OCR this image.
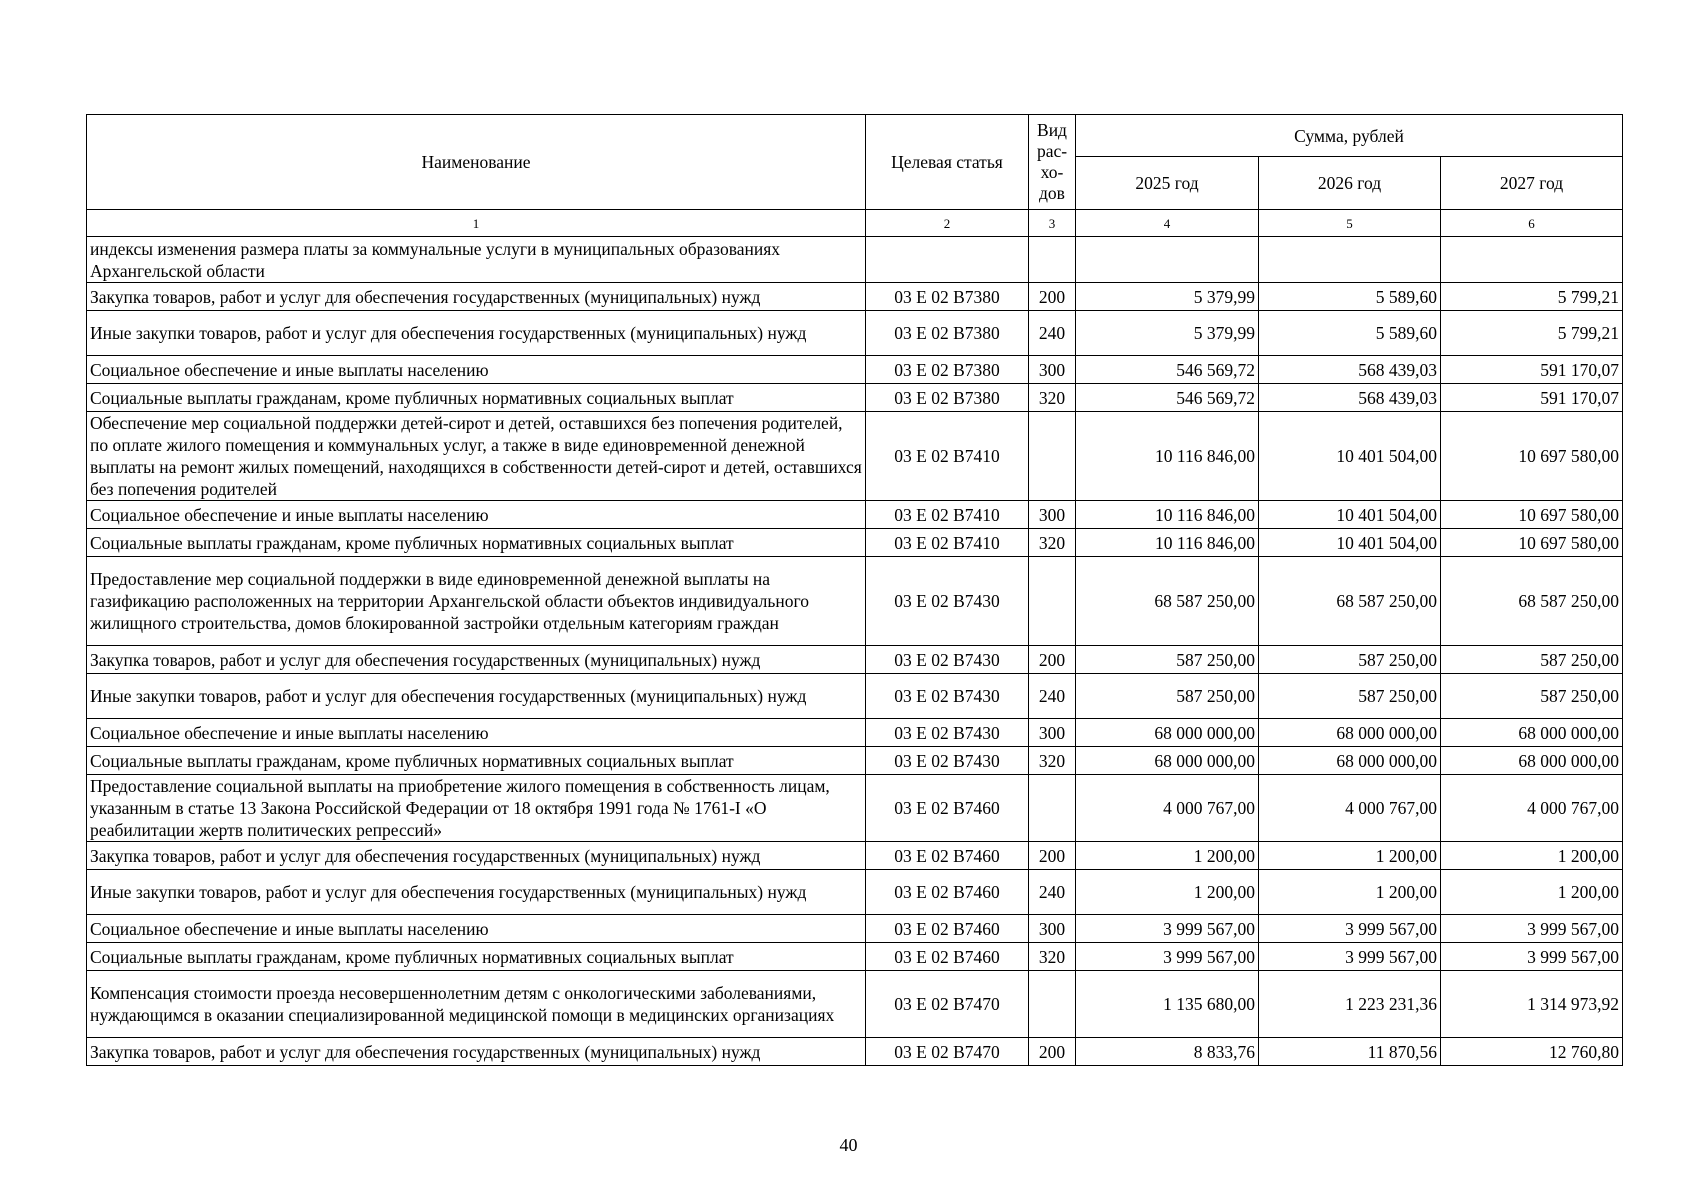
Наименование	Целевая статья	Вид
рас-
хо-
дов	Сумма, рублей		
			2025 год	2026 год	2027 год
1	2	3	4	5	6
индексы изменения размера платы за коммунальные услуги в муниципальных образованиях Архангельской области					
Закупка товаров, работ и услуг для обеспечения государственных (муниципальных) нужд	03 Е 02 В7380	200	5 379,99	5 589,60	5 799,21
Иные закупки товаров, работ и услуг для обеспечения государственных (муниципальных) нужд	03 Е 02 В7380	240	5 379,99	5 589,60	5 799,21
Социальное обеспечение и иные выплаты населению	03 Е 02 В7380	300	546 569,72	568 439,03	591 170,07
Социальные выплаты гражданам, кроме публичных нормативных социальных выплат	03 Е 02 В7380	320	546 569,72	568 439,03	591 170,07
Обеспечение мер социальной поддержки детей-сирот и детей, оставшихся без попечения родителей, по оплате жилого помещения и коммунальных услуг, а также в виде единовременной денежной выплаты на ремонт жилых помещений, находящихся в собственности детей-сирот и детей, оставшихся без попечения родителей	03 Е 02 В7410		10 116 846,00	10 401 504,00	10 697 580,00
Социальное обеспечение и иные выплаты населению	03 Е 02 В7410	300	10 116 846,00	10 401 504,00	10 697 580,00
Социальные выплаты гражданам, кроме публичных нормативных социальных выплат	03 Е 02 В7410	320	10 116 846,00	10 401 504,00	10 697 580,00
Предоставление мер социальной поддержки в виде единовременной денежной выплаты на газификацию расположенных на территории Архангельской области объектов индивидуального жилищного строительства, домов блокированной застройки отдельным категориям граждан	03 Е 02 В7430		68 587 250,00	68 587 250,00	68 587 250,00
Закупка товаров, работ и услуг для обеспечения государственных (муниципальных) нужд	03 Е 02 В7430	200	587 250,00	587 250,00	587 250,00
Иные закупки товаров, работ и услуг для обеспечения государственных (муниципальных) нужд	03 Е 02 В7430	240	587 250,00	587 250,00	587 250,00
Социальное обеспечение и иные выплаты населению	03 Е 02 В7430	300	68 000 000,00	68 000 000,00	68 000 000,00
Социальные выплаты гражданам, кроме публичных нормативных социальных выплат	03 Е 02 В7430	320	68 000 000,00	68 000 000,00	68 000 000,00
Предоставление социальной выплаты на приобретение жилого помещения в собственность лицам, указанным в статье 13 Закона Российской Федерации от 18 октября 1991 года № 1761-I «О реабилитации жертв политических репрессий»	03 Е 02 В7460		4 000 767,00	4 000 767,00	4 000 767,00
Закупка товаров, работ и услуг для обеспечения государственных (муниципальных) нужд	03 Е 02 В7460	200	1 200,00	1 200,00	1 200,00
Иные закупки товаров, работ и услуг для обеспечения государственных (муниципальных) нужд	03 Е 02 В7460	240	1 200,00	1 200,00	1 200,00
Социальное обеспечение и иные выплаты населению	03 Е 02 В7460	300	3 999 567,00	3 999 567,00	3 999 567,00
Социальные выплаты гражданам, кроме публичных нормативных социальных выплат	03 Е 02 В7460	320	3 999 567,00	3 999 567,00	3 999 567,00
Компенсация стоимости проезда несовершеннолетним детям с онкологическими заболеваниями, нуждающимся в оказании специализированной медицинской помощи в медицинских организациях	03 Е 02 В7470		1 135 680,00	1 223 231,36	1 314 973,92
Закупка товаров, работ и услуг для обеспечения государственных (муниципальных) нужд	03 Е 02 В7470	200	8 833,76	11 870,56	12 760,80
40
